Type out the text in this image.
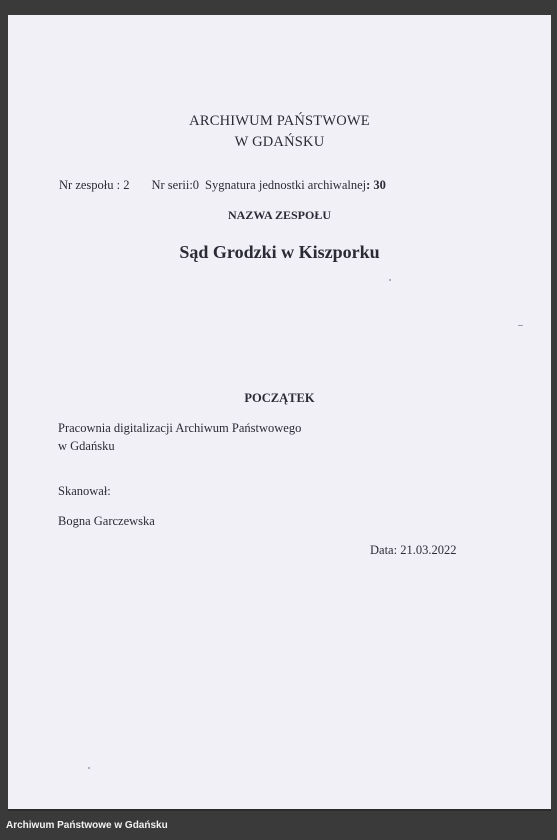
ARCHIWUM PAŃSTWOWE
W GDAŃSKU
Nr zespołu : 2 Nr serii:0 Sygnatura jednostki archiwalnej: 30
NAZWA ZESPOŁU
Sąd Grodzki w Kiszporku
POCZĄTEK
Pracownia digitalizacji Archiwum Państwowego
w Gdańsku
Skanował:
Bogna Garczewska
Data: 21.03.2022
Archiwum Państwowe w Gdańsku
